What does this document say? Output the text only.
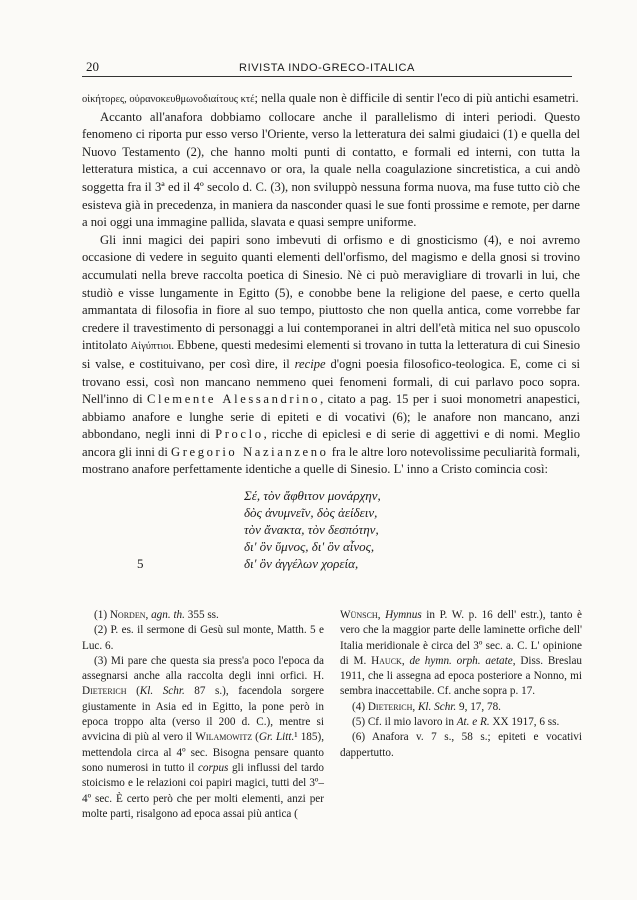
20	RIVISTA INDO-GRECO-ITALICA

οἰκήτορες, οὐρανοκευθμωνοδιαίτους κτέ; nella quale non è difficile di sentir l'eco di più antichi esametri.

Accanto all'anafora dobbiamo collocare anche il parallelismo di interi periodi. Questo fenomeno ci riporta pur esso verso l'Oriente, verso la letteratura dei salmi giudaici (1) e quella del Nuovo Testamento (2), che hanno molti punti di contatto, e formali ed interni, con tutta la letteratura mistica, a cui accennavo or ora, la quale nella coagulazione sincretistica, a cui andò soggetta fra il 3ª ed il 4º secolo d. C. (3), non sviluppò nessuna forma nuova, ma fuse tutto ciò che esisteva già in precedenza, in maniera da nasconder quasi le sue fonti prossime e remote, per darne a noi oggi una immagine pallida, slavata e quasi sempre uniforme.

Gli inni magici dei papiri sono imbevuti di orfismo e di gnosticismo (4), e noi avremo occasione di vedere in seguito quanti elementi dell'orfismo, del magismo e della gnosi si trovino accumulati nella breve raccolta poetica di Sinesio. Nè ci può meravigliare di trovarli in lui, che studiò e visse lungamente in Egitto (5), e conobbe bene la religione del paese, e certo quella ammantata di filosofia in fiore al suo tempo, piuttosto che non quella antica, come vorrebbe far credere il travestimento di personaggi a lui contemporanei in altri dell'età mitica nel suo opuscolo intitolato Αἰγύπτιοι. Ebbene, questi medesimi elementi si trovano in tutta la letteratura di cui Sinesio si valse, e costituivano, per così dire, il recipe d'ogni poesia filosofico-teologica. E, come ci si trovano essi, così non mancano nemmeno quei fenomeni formali, di cui parlavo poco sopra. Nell'inno di Clemente Alessandrino, citato a pag. 15 per i suoi monometri anapestici, abbiamo anafore e lunghe serie di epiteti e di vocativi (6); le anafore non mancano, anzi abbondano, negli inni di Proclo, ricche di epiclesi e di serie di aggettivi e di nomi. Meglio ancora gli inni di Gregorio Nazianzeno fra le altre loro notevolissime peculiarità formali, mostrano anafore perfettamente identiche a quelle di Sinesio. L' inno a Cristo comincia così:

Σέ, τὸν ἄφθιτον μονάρχην,
δὸς ἀνυμνεῖν, δὸς ἀείδειν,
τὸν ἄνακτα, τὸν δεσπότην,
δι' ὃν ὕμνος, δι' ὃν αἶνος,
5	δι' ὃν ἀγγέλων χορεία,

(1) Norden, agn. th. 355 ss.

(2) P. es. il sermone di Gesù sul monte, Matth. 5 e Luc. 6.

(3) Mi pare che questa sia press'a poco l'epoca da assegnarsi anche alla raccolta degli inni orfici. H. Dieterich (Kl. Schr. 87 s.), facendola sorgere giustamente in Asia ed in Egitto, la pone però in epoca troppo alta (verso il 200 d. C.), mentre si avvicina di più al vero il Wilamowitz (Gr. Litt.¹ 185), mettendola circa al 4º sec. Bisogna pensare quanto sono numerosi in tutto il corpus gli influssi del tardo stoicismo e le relazioni coi papiri magici, tutti del 3º–4º sec. È certo però che per molti elementi, anzi per molte parti, risalgono ad epoca assai più antica (

Wünsch, Hymnus in P. W. p. 16 dell' estr.), tanto è vero che la maggior parte delle laminette orfiche dell' Italia meridionale è circa del 3º sec. a. C. L' opinione di M. Hauck, de hymn. orph. aetate, Diss. Breslau 1911, che li assegna ad epoca posteriore a Nonno, mi sembra inaccettabile. Cf. anche sopra p. 17.

(4) Dieterich, Kl. Schr. 9, 17, 78.

(5) Cf. il mio lavoro in At. e R. XX 1917, 6 ss.

(6) Anafora v. 7 s., 58 s.; epiteti e vocativi dappertutto.
